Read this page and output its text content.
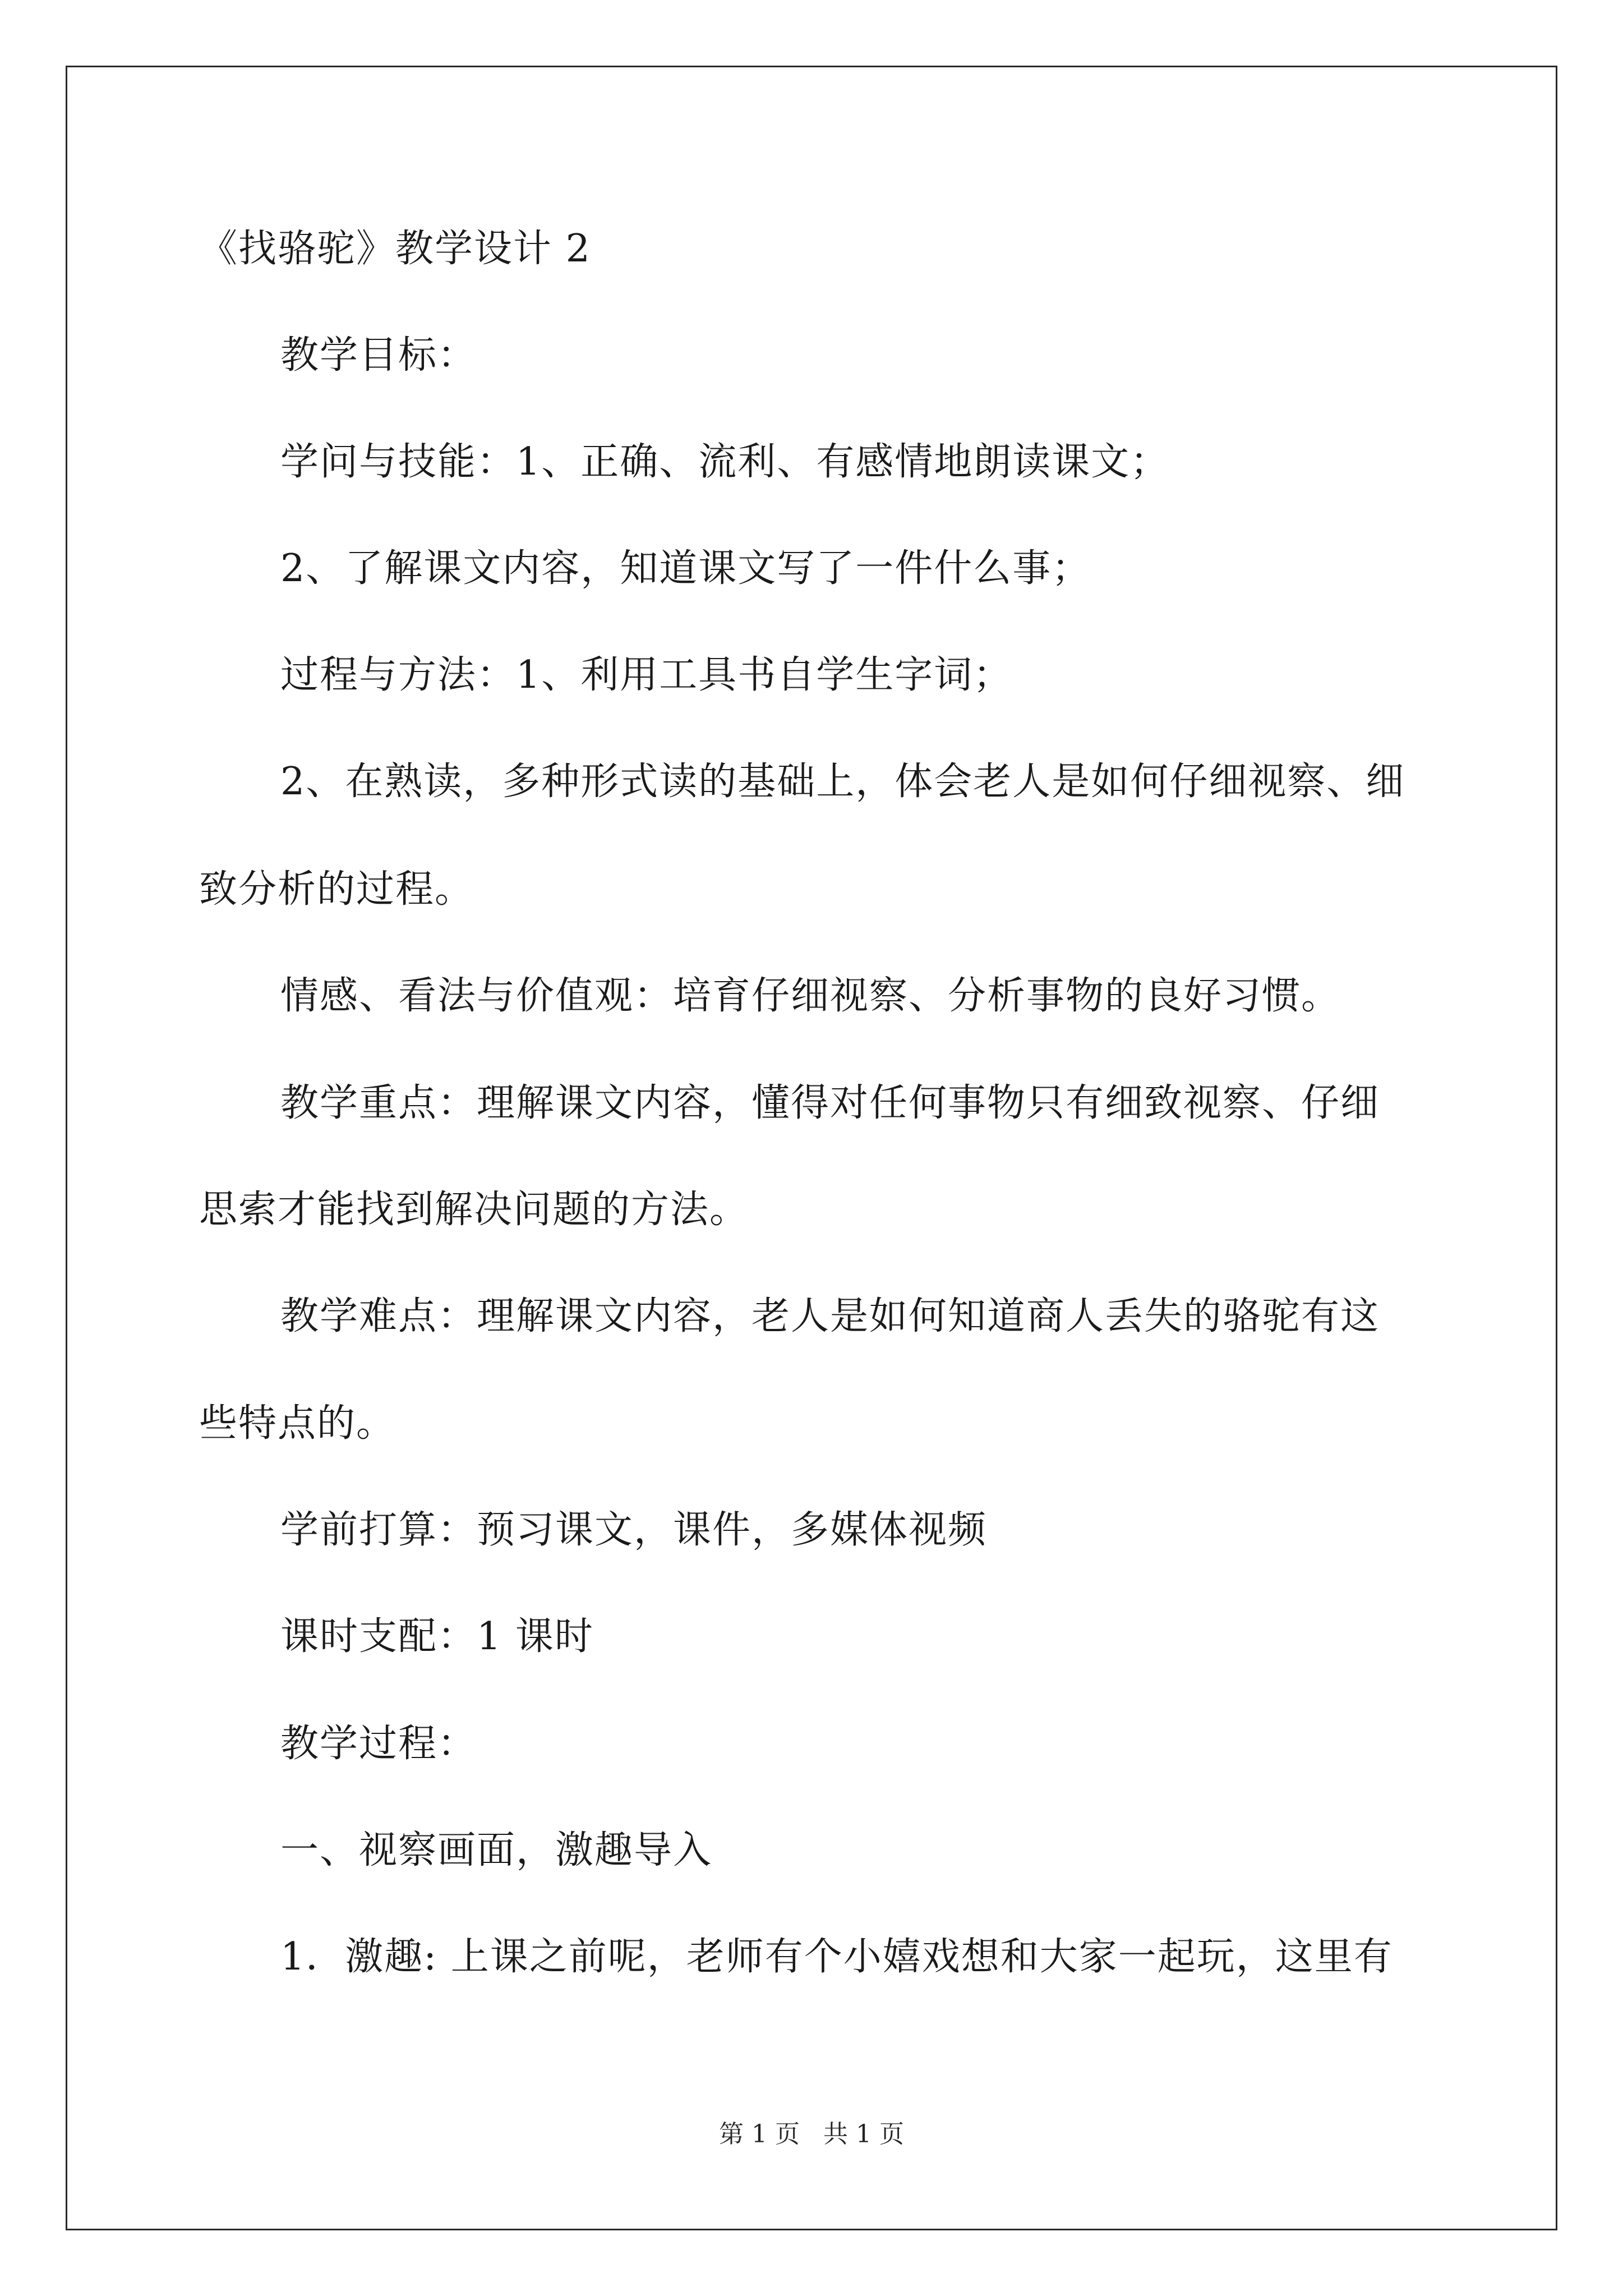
《找骆驼》教学设计 2
教学目标：
学问与技能：1、正确、流利、有感情地朗读课文；
2、了解课文内容，知道课文写了一件什么事；
过程与方法：1、利用工具书自学生字词；
2、在熟读，多种形式读的基础上，体会老人是如何仔细视察、细
致分析的过程。
情感、看法与价值观：培育仔细视察、分析事物的良好习惯。
教学重点：理解课文内容，懂得对任何事物只有细致视察、仔细
思索才能找到解决问题的方法。
教学难点：理解课文内容，老人是如何知道商人丢失的骆驼有这
些特点的。
学前打算：预习课文，课件，多媒体视频
课时支配：1 课时
教学过程：
一、视察画面，激趣导入
1．激趣: 上课之前呢，老师有个小嬉戏想和大家一起玩，这里有
第 1 页   共 1 页
